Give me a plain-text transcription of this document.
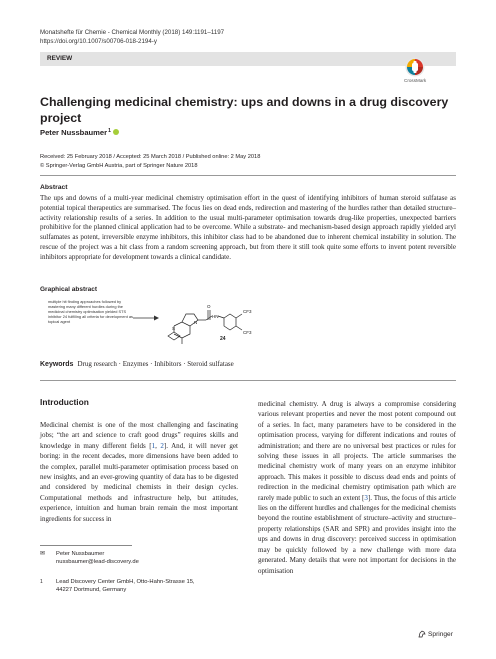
Monatshefte für Chemie - Chemical Monthly (2018) 149:1191–1197
https://doi.org/10.1007/s00706-018-2194-y
REVIEW
CrossMark
Challenging medicinal chemistry: ups and downs in a drug discovery project
Peter Nussbaumer 1
Received: 25 February 2018 / Accepted: 25 March 2018 / Published online: 2 May 2018
© Springer-Verlag GmbH Austria, part of Springer Nature 2018
Abstract
The ups and downs of a multi-year medicinal chemistry optimisation effort in the quest of identifying inhibitors of human steroid sulfatase as potential topical therapeutics are summarised. The focus lies on dead ends, redirection and mastering of the hurdles rather than detailed structure–activity relationship results of a series. In addition to the usual multi-parameter optimisation towards drug-like properties, unexpected barriers prohibitive for the planned clinical application had to be overcome. While a substrate- and mechanism-based design approach rapidly yielded aryl sulfamates as potent, irreversible enzyme inhibitors, this inhibitor class had to be abandoned due to inherent chemical instability in solution. The rescue of the project was a hit class from a random screening approach, but from there it still took quite some efforts to invent potent reversible inhibitors appropriate for development towards a clinical candidate.
Graphical abstract
multiple hit finding approaches followed by mastering many different hurdles during the medicinal chemistry optimisation yielded STS inhibitor 24 fulfilling all criteria for development as topical agent
O
HN
N
S
CF3
CF3
24
Keywords Drug research · Enzymes · Inhibitors · Steroid sulfatase
Introduction
Medicinal chemist is one of the most challenging and fascinating jobs; “the art and science to craft good drugs” requires skills and knowledge in many different fields [1, 2]. And, it will never get boring: in the recent decades, more dimensions have been added to the complex, parallel multi-parameter optimisation process based on new insights, and an ever-growing quantity of data has to be digested and considered by medicinal chemists in their design cycles. Computational methods and infrastructure help, but attitudes, experience, intuition and human brain remain the most important ingredients for success in
medicinal chemistry. A drug is always a compromise considering various relevant properties and never the most potent compound out of a series. In fact, many parameters have to be considered in the optimisation process, varying for different indications and routes of administration; and there are no universal best practices or rules for solving these issues in all projects. The article summarises the medicinal chemistry work of many years on an enzyme inhibitor approach. This makes it possible to discuss dead ends and points of redirection in the medicinal chemistry optimisation path which are rarely made public to such an extent [3]. Thus, the focus of this article lies on the different hurdles and challenges for the medicinal chemists beyond the routine establishment of structure–activity and structure–property relationships (SAR and SPR) and provides insight into the ups and downs in drug discovery: perceived success in optimisation may be quickly followed by a new challenge with more data generated. Many details that were not important for decisions in the optimisation
✉	Peter Nussbaumer
nussbaumer@lead-discovery.de
1	Lead Discovery Center GmbH, Otto-Hahn-Strasse 15,
44227 Dortmund, Germany
Springer
